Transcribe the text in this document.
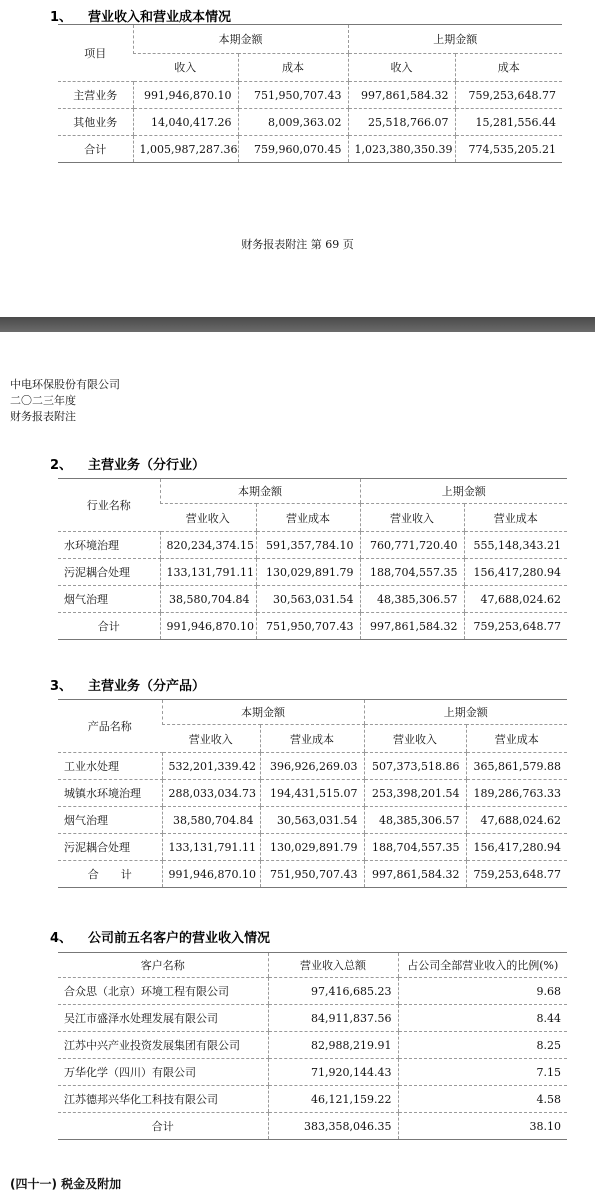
1、 营业收入和营业成本情况
项目	本期金额		上期金额	
	收入	成本	收入	成本
主营业务	991,946,870.10	751,950,707.43	997,861,584.32	759,253,648.77
其他业务	14,040,417.26	8,009,363.02	25,518,766.07	15,281,556.44
合计	1,005,987,287.36	759,960,070.45	1,023,380,350.39	774,535,205.21
财务报表附注 第 69 页
中电环保股份有限公司
二〇二三年度
财务报表附注
2、 主营业务（分行业）
行业名称	本期金额		上期金额	
	营业收入	营业成本	营业收入	营业成本
水环境治理	820,234,374.15	591,357,784.10	760,771,720.40	555,148,343.21
污泥耦合处理	133,131,791.11	130,029,891.79	188,704,557.35	156,417,280.94
烟气治理	38,580,704.84	30,563,031.54	48,385,306.57	47,688,024.62
合计	991,946,870.10	751,950,707.43	997,861,584.32	759,253,648.77
3、 主营业务（分产品）
产品名称	本期金额		上期金额	
	营业收入	营业成本	营业收入	营业成本
工业水处理	532,201,339.42	396,926,269.03	507,373,518.86	365,861,579.88
城镇水环境治理	288,033,034.73	194,431,515.07	253,398,201.54	189,286,763.33
烟气治理	38,580,704.84	30,563,031.54	48,385,306.57	47,688,024.62
污泥耦合处理	133,131,791.11	130,029,891.79	188,704,557.35	156,417,280.94
合　　计	991,946,870.10	751,950,707.43	997,861,584.32	759,253,648.77
4、 公司前五名客户的营业收入情况
客户名称	营业收入总额	占公司全部营业收入的比例(%)
合众思（北京）环境工程有限公司	97,416,685.23	9.68
吴江市盛泽水处理发展有限公司	84,911,837.56	8.44
江苏中兴产业投资发展集团有限公司	82,988,219.91	8.25
万华化学（四川）有限公司	71,920,144.43	7.15
江苏德邦兴华化工科技有限公司	46,121,159.22	4.58
合计	383,358,046.35	38.10
(四十一) 税金及附加
